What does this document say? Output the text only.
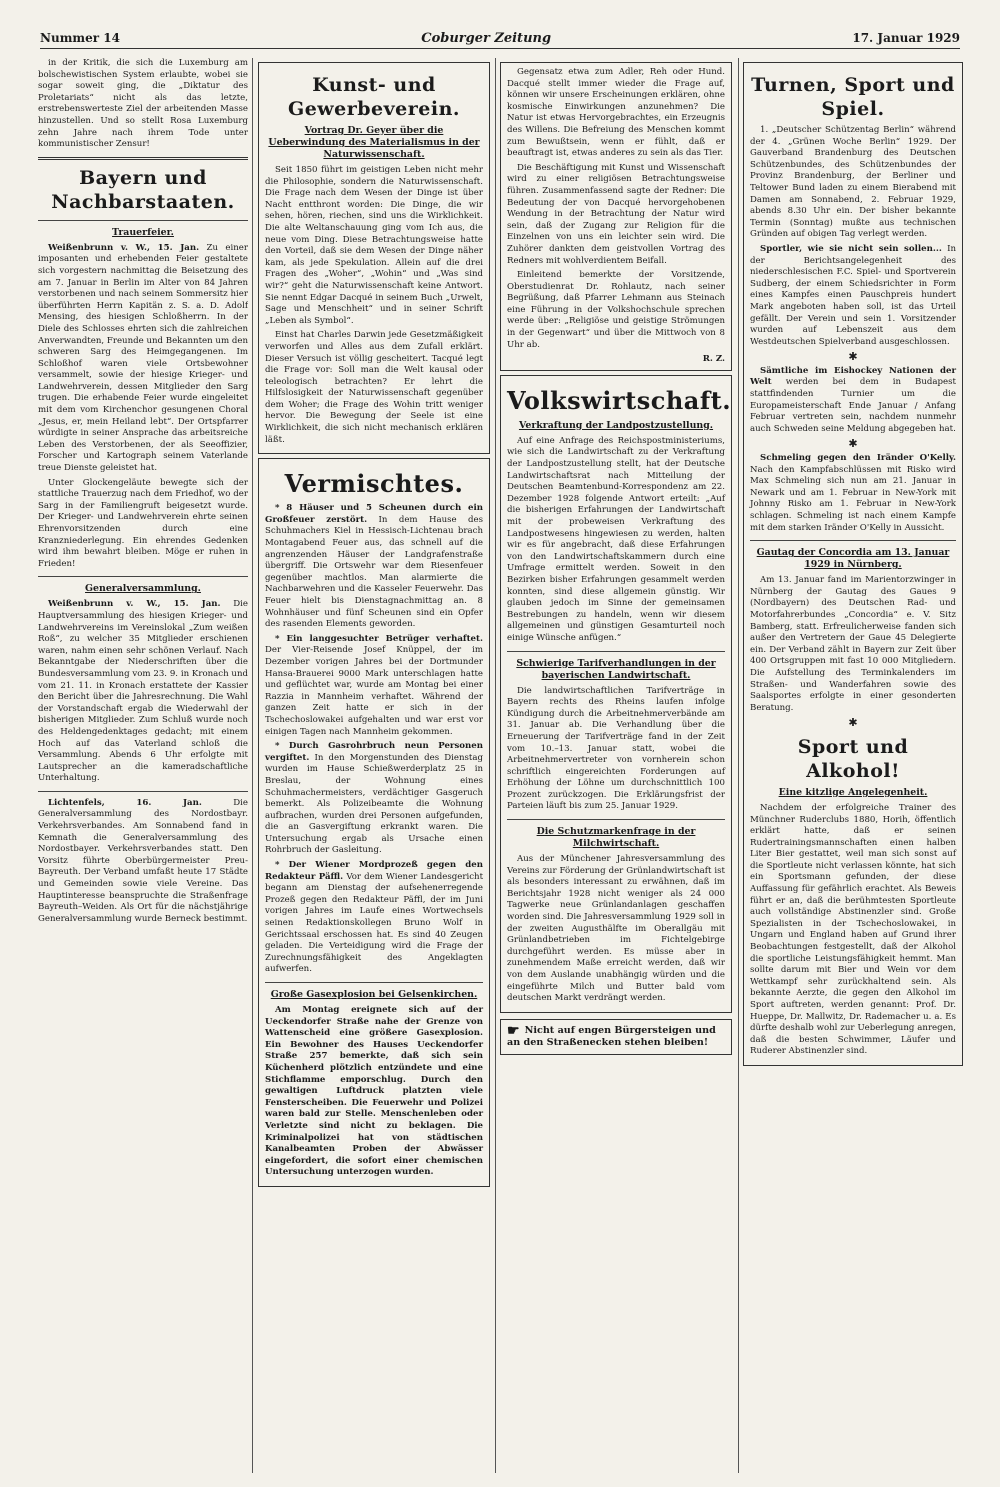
Nummer 14	Coburger Zeitung	17. Januar 1929

in der Kritik, die sich die Luxemburg am bolschewistischen System erlaubte, wobei sie sogar soweit ging, die „Diktatur des Proletariats“ nicht als das letzte, erstrebenswerteste Ziel der arbeitenden Masse hinzustellen. Und so stellt Rosa Luxemburg zehn Jahre nach ihrem Tode unter kommunistischer Zensur!

Bayern und Nachbarstaaten.
Trauerfeier.

Weißenbrunn v. W., 15. Jan. Zu einer imposanten und erhebenden Feier gestaltete sich vorgestern nachmittag die Beisetzung des am 7. Januar in Berlin im Alter von 84 Jahren verstorbenen und nach seinem Sommersitz hier überführten Herrn Kapitän z. S. a. D. Adolf Mensing, des hiesigen Schloßherrn. In der Diele des Schlosses ehrten sich die zahlreichen Anverwandten, Freunde und Bekannten um den schweren Sarg des Heimgegangenen. Im Schloßhof waren viele Ortsbewohner versammelt, sowie der hiesige Krieger- und Landwehrverein, dessen Mitglieder den Sarg trugen. Die erhabende Feier wurde eingeleitet mit dem vom Kirchenchor gesungenen Choral „Jesus, er, mein Heiland lebt“. Der Ortspfarrer würdigte in seiner Ansprache das arbeitsreiche Leben des Verstorbenen, der als Seeoffizier, Forscher und Kartograph seinem Vaterlande treue Dienste geleistet hat.

Unter Glockengeläute bewegte sich der stattliche Trauerzug nach dem Friedhof, wo der Sarg in der Familiengruft beigesetzt wurde. Der Krieger- und Landwehrverein ehrte seinen Ehrenvorsitzenden durch eine Kranzniederlegung. Ein ehrendes Gedenken wird ihm bewahrt bleiben. Möge er ruhen in Frieden!

Generalversammlung.

Weißenbrunn v. W., 15. Jan. Die Hauptversammlung des hiesigen Krieger- und Landwehrvereins im Vereinslokal „Zum weißen Roß“, zu welcher 35 Mitglieder erschienen waren, nahm einen sehr schönen Verlauf. Nach Bekanntgabe der Niederschriften über die Bundesversammlung vom 23. 9. in Kronach und vom 21. 11. in Kronach erstattete der Kassier den Bericht über die Jahresrechnung. Die Wahl der Vorstandschaft ergab die Wiederwahl der bisherigen Mitglieder. Zum Schluß wurde noch des Heldengedenktages gedacht; mit einem Hoch auf das Vaterland schloß die Versammlung. Abends 6 Uhr erfolgte mit Lautsprecher an die kameradschaftliche Unterhaltung.

Lichtenfels, 16. Jan.	Die Generalversammlung des Nordostbayr. Verkehrsverbandes. Am Sonnabend fand in Kemnath die Generalversammlung des Nordostbayer. Verkehrsverbandes statt. Den Vorsitz führte Oberbürgermeister Preu-Bayreuth. Der Verband umfaßt heute 17 Städte und Gemeinden sowie viele Vereine. Das Hauptinteresse beanspruchte die Straßenfrage Bayreuth–Weiden. Als Ort für die nächstjährige Generalversammlung wurde Berneck bestimmt.

Kunst- und Gewerbeverein.
Vortrag Dr. Geyer über die Ueberwindung des Materialismus in der Naturwissenschaft.

Seit 1850 führt im geistigen Leben nicht mehr die Philosophie, sondern die Naturwissenschaft. Die Frage nach dem Wesen der Dinge ist über Nacht entthront worden: Die Dinge, die wir sehen, hören, riechen, sind uns die Wirklichkeit. Die alte Weltanschauung ging vom Ich aus, die neue vom Ding. Diese Betrachtungsweise hatte den Vorteil, daß sie dem Wesen der Dinge näher kam, als jede Spekulation. Allein auf die drei Fragen des „Woher“, „Wohin“ und „Was sind wir?“ geht die Naturwissenschaft keine Antwort. Sie nennt Edgar Dacqué in seinem Buch „Urwelt, Sage und Menschheit“ und in seiner Schrift „Leben als Symbol“.

Einst hat Charles Darwin jede Gesetzmäßigkeit verworfen und Alles aus dem Zufall erklärt. Dieser Versuch ist völlig gescheitert. Tacqué legt die Frage vor: Soll man die Welt kausal oder teleologisch betrachten? Er lehrt die Hilfslosigkeit der Naturwissenschaft gegenüber dem Woher; die Frage des Wohin tritt weniger hervor. Die Bewegung der Seele ist eine Wirklichkeit, die sich nicht mechanisch erklären läßt.

Vermischtes.

* 8 Häuser und 5 Scheunen durch ein Großfeuer zerstört. In dem Hause des Schuhmachers Kiel in Hessisch-Lichtenau brach Montagabend Feuer aus, das schnell auf die angrenzenden Häuser der Landgrafenstraße übergriff. Die Ortswehr war dem Riesenfeuer gegenüber machtlos. Man alarmierte die Nachbarwehren und die Kasseler Feuerwehr. Das Feuer hielt bis Dienstagnachmittag an. 8 Wohnhäuser und fünf Scheunen sind ein Opfer des rasenden Elements geworden.

* Ein langgesuchter Betrüger verhaftet. Der Vier-Reisende Josef Knüppel, der im Dezember vorigen Jahres bei der Dortmunder Hansa-Brauerei 9000 Mark unterschlagen hatte und geflüchtet war, wurde am Montag bei einer Razzia in Mannheim verhaftet. Während der ganzen Zeit hatte er sich in der Tschechoslowakei aufgehalten und war erst vor einigen Tagen nach Mannheim gekommen.

* Durch Gasrohrbruch neun Personen vergiftet. In den Morgenstunden des Dienstag wurden im Hause Schießwerderplatz 25 in Breslau, der Wohnung eines Schuhmachermeisters, verdächtiger Gasgeruch bemerkt. Als Polizeibeamte die Wohnung aufbrachen, wurden drei Personen aufgefunden, die an Gasvergiftung erkrankt waren. Die Untersuchung ergab als Ursache einen Rohrbruch der Gasleitung.

* Der Wiener Mordprozeß gegen den Redakteur Päffl. Vor dem Wiener Landesgericht begann am Dienstag der aufsehenerregende Prozeß gegen den Redakteur Päffl, der im Juni vorigen Jahres im Laufe eines Wortwechsels seinen Redaktionskollegen Bruno Wolf in Gerichtssaal erschossen hat. Es sind 40 Zeugen geladen. Die Verteidigung wird die Frage der Zurechnungsfähigkeit des Angeklagten aufwerfen.

Große Gasexplosion bei Gelsenkirchen.

Am Montag ereignete sich auf der Ueckendorfer Straße nahe der Grenze von Wattenscheid eine größere Gasexplosion. Ein Bewohner des Hauses Ueckendorfer Straße 257 bemerkte, daß sich sein Küchenherd plötzlich entzündete und eine Stichflamme emporschlug. Durch den gewaltigen Luftdruck platzten viele Fensterscheiben. Die Feuerwehr und Polizei waren bald zur Stelle. Menschenleben oder Verletzte sind nicht zu beklagen. Die Kriminalpolizei hat von städtischen Kanalbeamten Proben der Abwässer eingefordert, die sofort einer chemischen Untersuchung unterzogen wurden.

Gegensatz etwa zum Adler, Reh oder Hund. Dacqué stellt immer wieder die Frage auf, können wir unsere Erscheinungen erklären, ohne kosmische Einwirkungen anzunehmen? Die Natur ist etwas Hervorgebrachtes, ein Erzeugnis des Willens. Die Befreiung des Menschen kommt zum Bewußtsein, wenn er fühlt, daß er beauftragt ist, etwas anderes zu sein als das Tier.

Die Beschäftigung mit Kunst und Wissenschaft wird zu einer religiösen Betrachtungsweise führen. Zusammenfassend sagte der Redner: Die Bedeutung der von Dacqué hervorgehobenen Wendung in der Betrachtung der Natur wird sein, daß der Zugang zur Religion für die Einzelnen von uns ein leichter sein wird. Die Zuhörer dankten dem geistvollen Vortrag des Redners mit wohlverdientem Beifall.

Einleitend bemerkte der Vorsitzende, Oberstudienrat Dr. Rohlautz, nach seiner Begrüßung, daß Pfarrer Lehmann aus Steinach eine Führung in der Volkshochschule sprechen werde über: „Religiöse und geistige Strömungen in der Gegenwart“ und über die Mittwoch von 8 Uhr ab.

R. Z.
Volkswirtschaft.
Verkraftung der Landpostzustellung.

Auf eine Anfrage des Reichspostministeriums, wie sich die Landwirtschaft zu der Verkraftung der Landpostzustellung stellt, hat der Deutsche Landwirtschaftsrat nach Mitteilung der Deutschen Beamtenbund-Korrespondenz am 22. Dezember 1928 folgende Antwort erteilt: „Auf die bisherigen Erfahrungen der Landwirtschaft mit der probeweisen Verkraftung des Landpostwesens hingewiesen zu werden, halten wir es für angebracht, daß diese Erfahrungen von den Landwirtschaftskammern durch eine Umfrage ermittelt werden. Soweit in den Bezirken bisher Erfahrungen gesammelt werden konnten, sind diese allgemein günstig. Wir glauben jedoch im Sinne der gemeinsamen Bestrebungen zu handeln, wenn wir diesem allgemeinen und günstigen Gesamturteil noch einige Wünsche anfügen.“

Schwierige Tarifverhandlungen in der bayerischen Landwirtschaft.

Die landwirtschaftlichen Tarifverträge in Bayern rechts des Rheins laufen infolge Kündigung durch die Arbeitnehmerverbände am 31. Januar ab. Die Verhandlung über die Erneuerung der Tarifverträge fand in der Zeit vom 10.–13. Januar statt, wobei die Arbeitnehmervertreter von vornherein schon schriftlich eingereichten Forderungen auf Erhöhung der Löhne um durchschnittlich 100 Prozent zurückzogen. Die Erklärungsfrist der Parteien läuft bis zum 25. Januar 1929.

Die Schutzmarkenfrage in der Milchwirtschaft.

Aus der Münchener Jahresversammlung des Vereins zur Förderung der Grünlandwirtschaft ist als besonders interessant zu erwähnen, daß im Berichtsjahr 1928 nicht weniger als 24 000 Tagwerke neue Grünlandanlagen geschaffen worden sind. Die Jahresversammlung 1929 soll in der zweiten Augusthälfte im Oberallgäu mit Grünlandbetrieben im Fichtelgebirge durchgeführt werden. Es müsse aber in zunehmendem Maße erreicht werden, daß wir von dem Auslande unabhängig würden und die eingeführte Milch und Butter bald vom deutschen Markt verdrängt werden.

☛ Nicht auf engen Bürgersteigen und
an den Straßenecken stehen bleiben!
Turnen, Sport und Spiel.

1. „Deutscher Schützentag Berlin“ während der 4. „Grünen Woche Berlin“ 1929. Der Gauverband Brandenburg des Deutschen Schützenbundes, des Schützenbundes der Provinz Brandenburg, der Berliner und Teltower Bund laden zu einem Bierabend mit Damen am Sonnabend, 2. Februar 1929, abends 8.30 Uhr ein. Der bisher bekannte Termin (Sonntag) mußte aus technischen Gründen auf obigen Tag verlegt werden.

Sportler, wie sie nicht sein sollen... In der Berichtsangelegenheit des niederschlesischen F.C. Spiel- und Sportverein Sudberg, der einem Schiedsrichter in Form eines Kampfes einen Pauschpreis hundert Mark angeboten haben soll, ist das Urteil gefällt. Der Verein und sein 1. Vorsitzender wurden auf Lebenszeit aus dem Westdeutschen Spielverband ausgeschlossen.

✱

Sämtliche im Eishockey Nationen der Welt werden bei dem in Budapest stattfindenden Turnier um die Europameisterschaft Ende Januar / Anfang Februar vertreten sein, nachdem nunmehr auch Schweden seine Meldung abgegeben hat.

✱

Schmeling gegen den Iränder O'Kelly. Nach den Kampfabschlüssen mit Risko wird Max Schmeling sich nun am 21. Januar in Newark und am 1. Februar in New-York mit Johnny Risko am 1. Februar in New-York schlagen. Schmeling ist nach einem Kampfe mit dem starken Iränder O'Kelly in Aussicht.

Gautag der Concordia am 13. Januar 1929 in Nürnberg.

Am 13. Januar fand im Marientorzwinger in Nürnberg der Gautag des Gaues 9 (Nordbayern) des Deutschen Rad- und Motorfahrerbundes „Concordia“ e. V. Sitz Bamberg, statt. Erfreulicherweise fanden sich außer den Vertretern der Gaue 45 Delegierte ein. Der Verband zählt in Bayern zur Zeit über 400 Ortsgruppen mit fast 10 000 Mitgliedern. Die Aufstellung des Terminkalenders im Straßen- und Wanderfahren sowie des Saalsportes erfolgte in einer gesonderten Beratung.

✱
Sport und Alkohol!
Eine kitzlige Angelegenheit.

Nachdem der erfolgreiche Trainer des Münchner Ruderclubs 1880, Horih, öffentlich erklärt hatte, daß er seinen Rudertrainingsmannschaften einen halben Liter Bier gestattet, weil man sich sonst auf die Sportleute nicht verlassen könnte, hat sich ein Sportsmann gefunden, der diese Auffassung für gefährlich erachtet. Als Beweis führt er an, daß die berühmtesten Sportleute auch vollständige Abstinenzler sind. Große Spezialisten in der Tschechoslowakei, in Ungarn und England haben auf Grund ihrer Beobachtungen festgestellt, daß der Alkohol die sportliche Leistungsfähigkeit hemmt. Man sollte darum mit Bier und Wein vor dem Wettkampf sehr zurückhaltend sein. Als bekannte Aerzte, die gegen den Alkohol im Sport auftreten, werden genannt: Prof. Dr. Hueppe, Dr. Mallwitz, Dr. Rademacher u. a. Es dürfte deshalb wohl zur Ueberlegung anregen, daß die besten Schwimmer, Läufer und Ruderer Abstinenzler sind.
